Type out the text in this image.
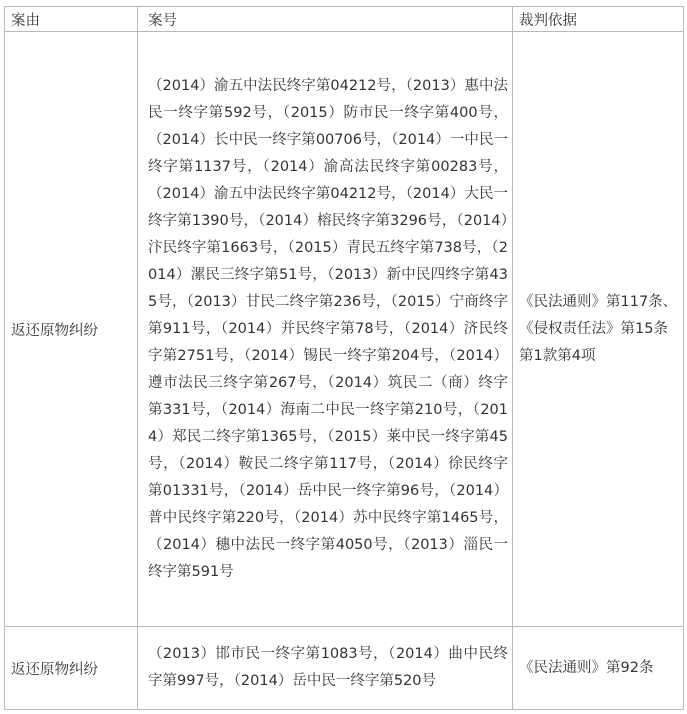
案由	案号	裁判依据
返还原物纠纷	（2014）渝五中法民终字第04212号，（2013）惠中法民一终字第592号，（2015）防市民一终字第400号，（2014）长中民一终字第00706号，（2014）一中民一终字第1137号，（2014）渝高法民终字第00283号，（2014）渝五中法民终字第04212号，（2014）大民一终字第1390号，（2014）榕民终字第3296号，（2014）汴民终字第1663号，（2015）青民五终字第738号，（2014）漯民三终字第51号，（2013）新中民四终字第435号，（2013）甘民二终字第236号，（2015）宁商终字第911号，（2014）并民终字第78号，（2014）济民终字第2751号，（2014）锡民一终字第204号，（2014）遵市法民三终字第267号，（2014）筑民二（商）终字第331号，（2014）海南二中民一终字第210号，（2014）郑民二终字第1365号，（2015）莱中民一终字第45号，（2014）鞍民二终字第117号，（2014）徐民终字第01331号，（2014）岳中民一终字第96号，（2014）普中民终字第220号，（2014）苏中民终字第1465号，（2014）穗中法民一终字第4050号，（2013）淄民一终字第591号	《民法通则》第117条、《侵权责任法》第15条第1款第4项
返还原物纠纷	（2013）邯市民一终字第1083号，（2014）曲中民终字第997号，（2014）岳中民一终字第520号	《民法通则》第92条
